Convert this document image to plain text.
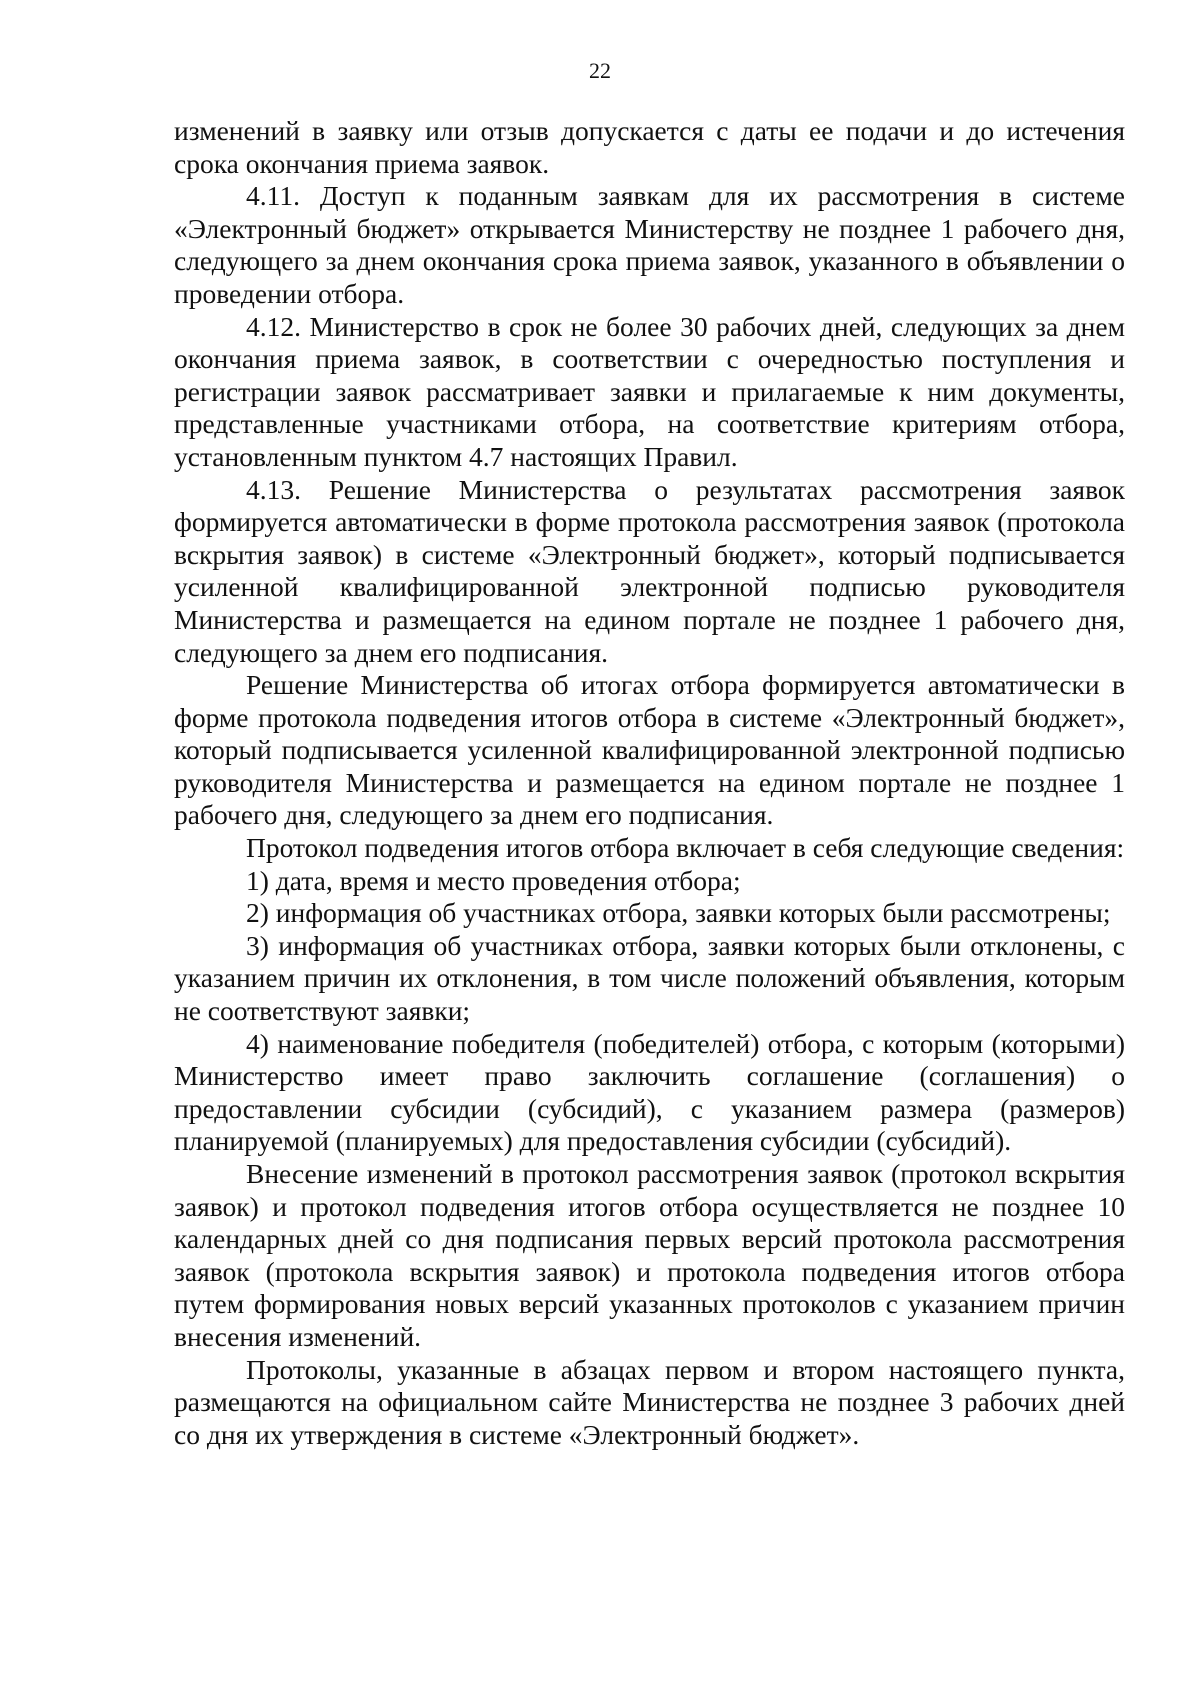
22

изменений в заявку или отзыв допускается с даты ее подачи и до истечения срока окончания приема заявок.

4.11. Доступ к поданным заявкам для их рассмотрения в системе «Электронный бюджет» открывается Министерству не позднее 1 рабочего дня, следующего за днем окончания срока приема заявок, указанного в объявлении о проведении отбора.

4.12. Министерство в срок не более 30 рабочих дней, следующих за днем окончания приема заявок, в соответствии с очередностью поступления и регистрации заявок рассматривает заявки и прилагаемые к ним документы, представленные участниками отбора, на соответствие критериям отбора, установленным пунктом 4.7 настоящих Правил.

4.13. Решение Министерства о результатах рассмотрения заявок формируется автоматически в форме протокола рассмотрения заявок (протокола вскрытия заявок) в системе «Электронный бюджет», который подписывается усиленной квалифицированной электронной подписью руководителя Министерства и размещается на едином портале не позднее 1 рабочего дня, следующего за днем его подписания.

Решение Министерства об итогах отбора формируется автоматически в форме протокола подведения итогов отбора в системе «Электронный бюджет», который подписывается усиленной квалифицированной электронной подписью руководителя Министерства и размещается на едином портале не позднее 1 рабочего дня, следующего за днем его подписания.

Протокол подведения итогов отбора включает в себя следующие сведения:

1) дата, время и место проведения отбора;

2) информация об участниках отбора, заявки которых были рассмотрены;

3) информация об участниках отбора, заявки которых были отклонены, с указанием причин их отклонения, в том числе положений объявления, которым не соответствуют заявки;

4) наименование победителя (победителей) отбора, с которым (которыми) Министерство имеет право заключить соглашение (соглашения) о предоставлении субсидии (субсидий), с указанием размера (размеров) планируемой (планируемых) для предоставления субсидии (субсидий).

Внесение изменений в протокол рассмотрения заявок (протокол вскрытия заявок) и протокол подведения итогов отбора осуществляется не позднее 10 календарных дней со дня подписания первых версий протокола рассмотрения заявок (протокола вскрытия заявок) и протокола подведения итогов отбора путем формирования новых версий указанных протоколов с указанием причин внесения изменений.

Протоколы, указанные в абзацах первом и втором настоящего пункта, размещаются на официальном сайте Министерства не позднее 3 рабочих дней со дня их утверждения в системе «Электронный бюджет».
